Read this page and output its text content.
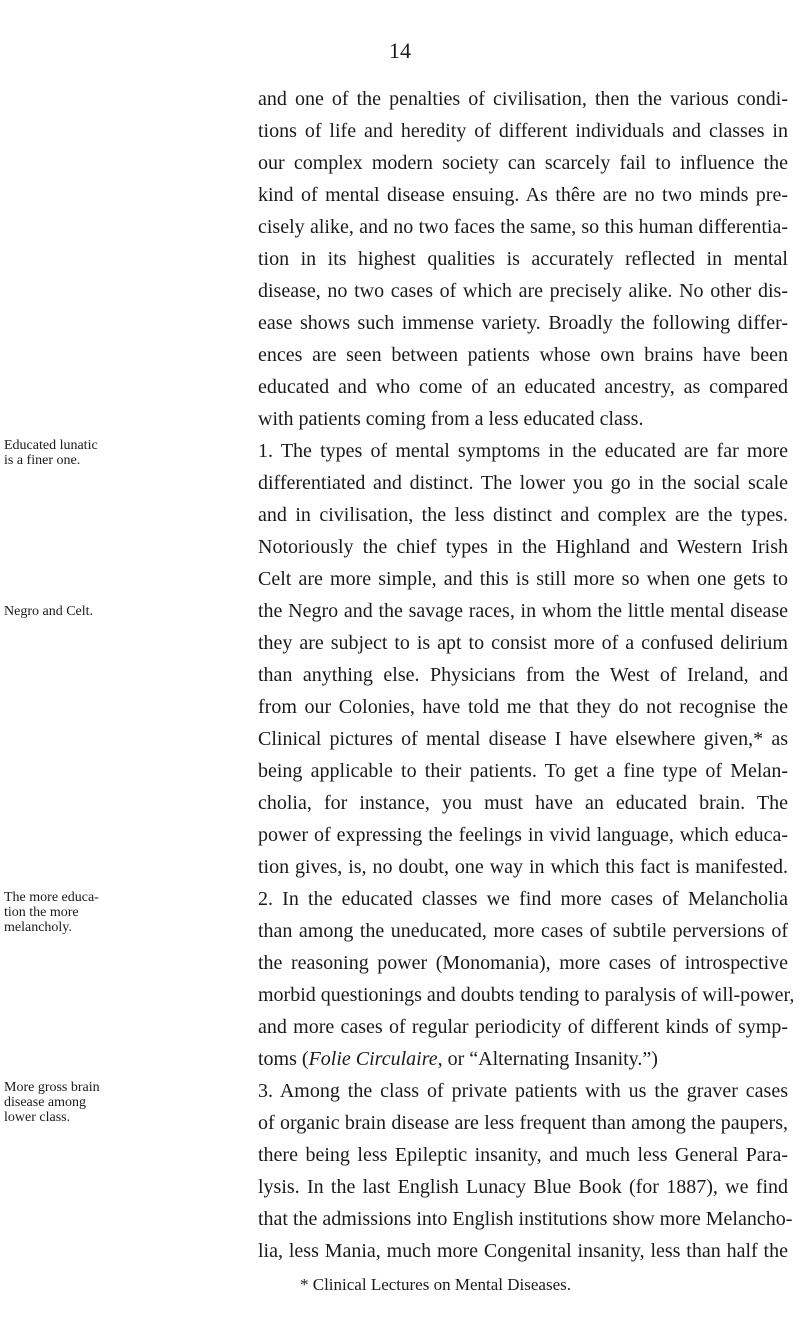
14
and one of the penalties of civilisation, then the various condi-
tions of life and heredity of different individuals and classes in
our complex modern society can scarcely fail to influence the
kind of mental disease ensuing. As thêre are no two minds pre-
cisely alike, and no two faces the same, so this human differentia-
tion in its highest qualities is accurately reflected in mental
disease, no two cases of which are precisely alike. No other dis-
ease shows such immense variety. Broadly the following differ-
ences are seen between patients whose own brains have been
educated and who come of an educated ancestry, as compared
with patients coming from a less educated class.
1. The types of mental symptoms in the educated are far more
differentiated and distinct. The lower you go in the social scale
and in civilisation, the less distinct and complex are the types.
Notoriously the chief types in the Highland and Western Irish
Celt are more simple, and this is still more so when one gets to
the Negro and the savage races, in whom the little mental disease
they are subject to is apt to consist more of a confused delirium
than anything else. Physicians from the West of Ireland, and
from our Colonies, have told me that they do not recognise the
Clinical pictures of mental disease I have elsewhere given,* as
being applicable to their patients. To get a fine type of Melan-
cholia, for instance, you must have an educated brain. The
power of expressing the feelings in vivid language, which educa-
tion gives, is, no doubt, one way in which this fact is manifested.
2. In the educated classes we find more cases of Melancholia
than among the uneducated, more cases of subtile perversions of
the reasoning power (Monomania), more cases of introspective
morbid questionings and doubts tending to paralysis of will-power,
and more cases of regular periodicity of different kinds of symp-
toms (Folie Circulaire, or “Alternating Insanity.”)
3. Among the class of private patients with us the graver cases
of organic brain disease are less frequent than among the paupers,
there being less Epileptic insanity, and much less General Para-
lysis. In the last English Lunacy Blue Book (for 1887), we find
that the admissions into English institutions show more Melancho-
lia, less Mania, much more Congenital insanity, less than half the
* Clinical Lectures on Mental Diseases.
Educated lunatic
is a finer one.
Negro and Celt.
The more educa-
tion the more
melancholy.
More gross brain
disease among
lower class.
